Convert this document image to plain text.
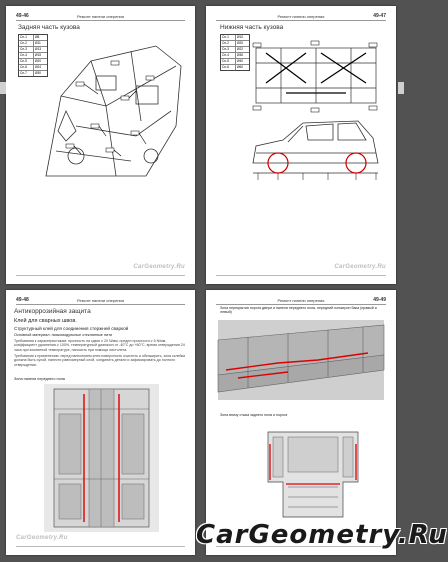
49-46	Ремонт панели оперения
Задняя часть кузова
Сп-1	Ø8
Сп-2	Ø11
Сп-3	Ø13
Сп-4	Ø15
Сп-5	Ø20
Сп-6	Ø24
Сп-7	Ø30
CarGeometry.Ru
Ремонт панели оперения	49-47
Нижняя часть кузова
Сп-1	Ø10
Сп-2	Ø20
Сп-3	Ø22
Сп-4	Ø36
Сп-5	Ø40
Сп-6	Ø60
CarGeometry.Ru
49-48	Ремонт панели оперения
Антикоррозийная защита
Клей для сварных швов.
Структурный клей для соединения стержней сваркой
Основной материал: низкомодульные стеклянные нити
Требования к характеристикам: прочность на сдвиг ≥ 20 N/мм, предел прочности ≥ 6 N/мм, коэффициент удлинения ≥ 100%, температурный диапазон от -40°С до +80°С, время отверждения 24 часа при комнатной температуре, наносить при помощи пистолета.
Требования к применению: перед нанесением клея поверхность очистить и обезжирить, зона склейки должна быть сухой, нанести равномерный слой, соединить детали и зафиксировать до полного отверждения.
Зона панели переднего пола
CarGeometry.Ru
Ремонт панели оперения	49-49
Зона перекрытия порога двери и панели переднего пола, передний лонжерон бака (правый и левый)
Зона внизу стыка заднего пола и порога
CarGeometry.Ru
